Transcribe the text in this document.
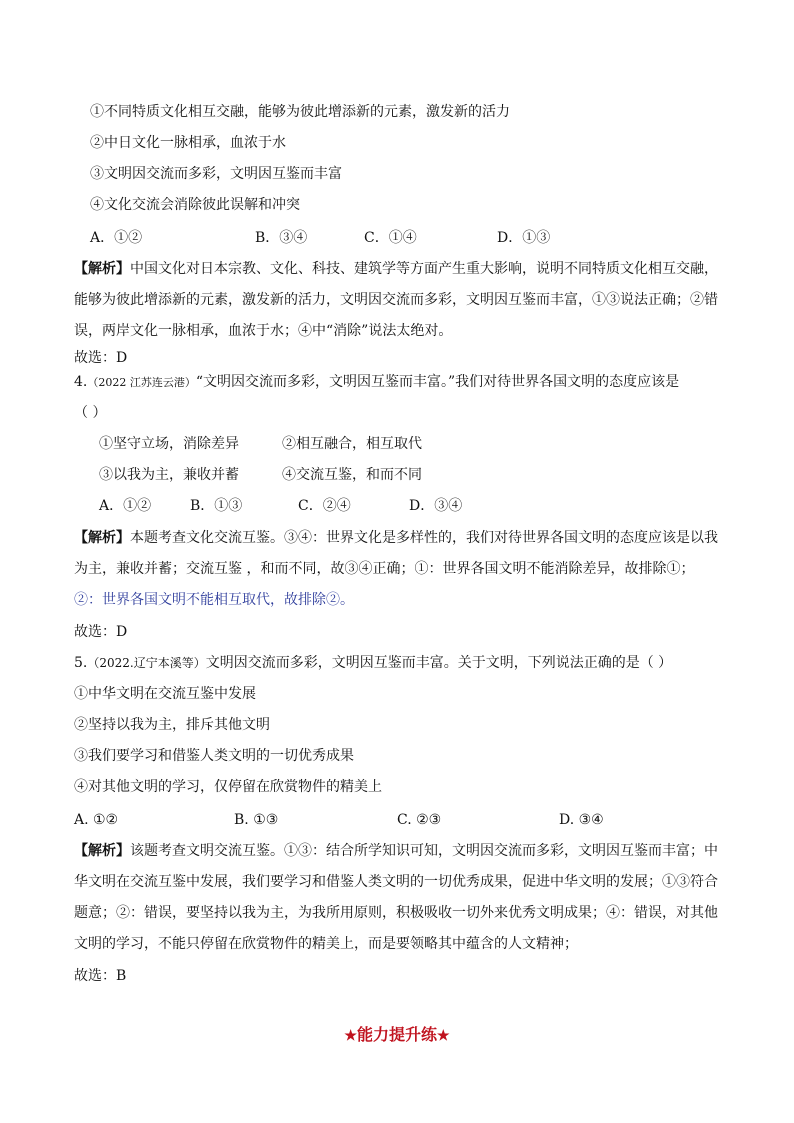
①不同特质文化相互交融，能够为彼此增添新的元素，激发新的活力
②中日文化一脉相承，血浓于水
③文明因交流而多彩，文明因互鉴而丰富
④文化交流会消除彼此误解和冲突
A．①②	B．③④	C．①④	D．①③
【解析】中国文化对日本宗教、文化、科技、建筑学等方面产生重大影响，说明不同特质文化相互交融，
能够为彼此增添新的元素，激发新的活力，文明因交流而多彩，文明因互鉴而丰富，①③说法正确；②错
误，两岸文化一脉相承，血浓于水；④中“消除”说法太绝对。
故选：D
4.（2022 江苏连云港）“文明因交流而多彩，文明因互鉴而丰富。”我们对待世界各国文明的态度应该是
（ ）
①坚守立场，消除差异	②相互融合，相互取代
③以我为主，兼收并蓄	④交流互鉴，和而不同
A．①②	B．①③	C．②④	D．③④
【解析】本题考查文化交流互鉴。③④：世界文化是多样性的，我们对待世界各国文明的态度应该是以我
为主，兼收并蓄；交流互鉴 ，和而不同，故③④正确；①：世界各国文明不能消除差异，故排除①；
②：世界各国文明不能相互取代，故排除②。
故选：D
5.（2022.辽宁本溪等）文明因交流而多彩，文明因互鉴而丰富。关于文明，下列说法正确的是（ ）
①中华文明在交流互鉴中发展
②坚持以我为主，排斥其他文明
③我们要学习和借鉴人类文明的一切优秀成果
④对其他文明的学习，仅停留在欣赏物件的精美上
A. ①②	B. ①③	C. ②③	D. ③④
【解析】该题考查文明交流互鉴。①③：结合所学知识可知，文明因交流而多彩，文明因互鉴而丰富；中
华文明在交流互鉴中发展，我们要学习和借鉴人类文明的一切优秀成果，促进中华文明的发展；①③符合
题意；②：错误，要坚持以我为主，为我所用原则，积极吸收一切外来优秀文明成果；④：错误，对其他
文明的学习，不能只停留在欣赏物件的精美上，而是要领略其中蕴含的人文精神；
故选：B
★能力提升练★
